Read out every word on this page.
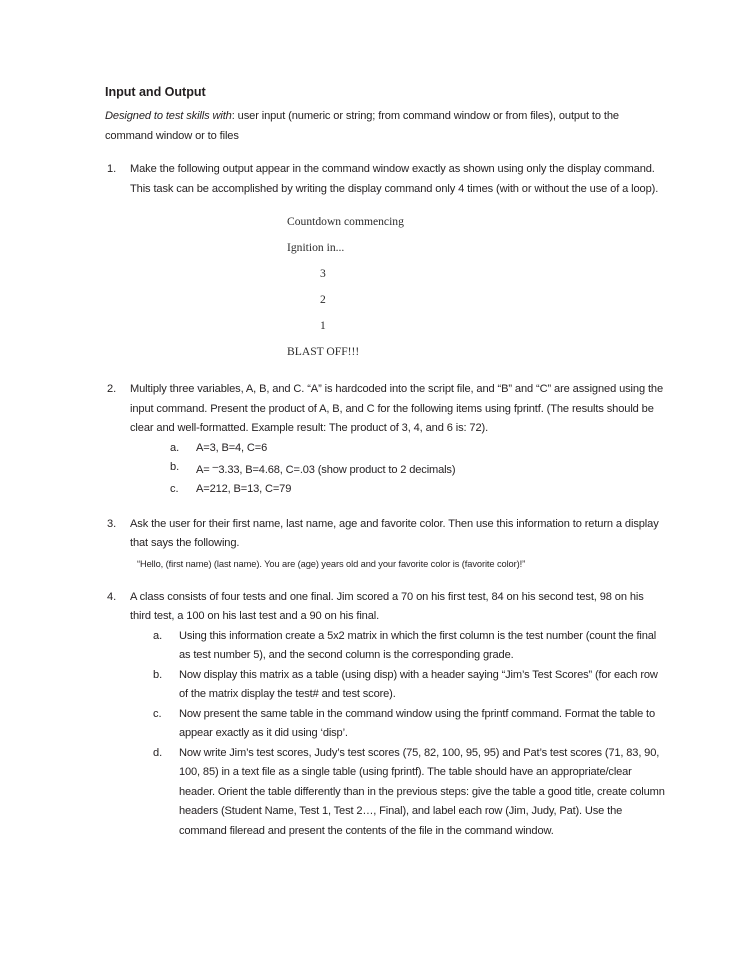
Input and Output

Designed to test skills with: user input (numeric or string; from command window or from files), output to the command window or to files

1. Make the following output appear in the command window exactly as shown using only the display command. This task can be accomplished by writing the display command only 4 times (with or without the use of a loop).
Countdown commencing
Ignition in...
3
2
1
BLAST OFF!!!
2. Multiply three variables, A, B, and C. “A” is hardcoded into the script file, and “B” and “C” are assigned using the input command. Present the product of A, B, and C for the following items using fprintf. (The results should be clear and well-formatted. Example result: The product of 3, 4, and 6 is: 72).
a. A=3, B=4, C=6
b. A= –3.33, B=4.68, C=.03 (show product to 2 decimals)
c. A=212, B=13, C=79
3. Ask the user for their first name, last name, age and favorite color. Then use this information to return a display that says the following.
“Hello, (first name) (last name). You are (age) years old and your favorite color is (favorite color)!”
4. A class consists of four tests and one final. Jim scored a 70 on his first test, 84 on his second test, 98 on his third test, a 100 on his last test and a 90 on his final.
a. Using this information create a 5x2 matrix in which the first column is the test number (count the final as test number 5), and the second column is the corresponding grade.
b. Now display this matrix as a table (using disp) with a header saying “Jim’s Test Scores” (for each row of the matrix display the test# and test score).
c. Now present the same table in the command window using the fprintf command. Format the table to appear exactly as it did using ‘disp’.
d. Now write Jim’s test scores, Judy’s test scores (75, 82, 100, 95, 95) and Pat’s test scores (71, 83, 90, 100, 85) in a text file as a single table (using fprintf). The table should have an appropriate/clear header. Orient the table differently than in the previous steps: give the table a good title, create column headers (Student Name, Test 1, Test 2…, Final), and label each row (Jim, Judy, Pat). Use the command fileread and present the contents of the file in the command window.
